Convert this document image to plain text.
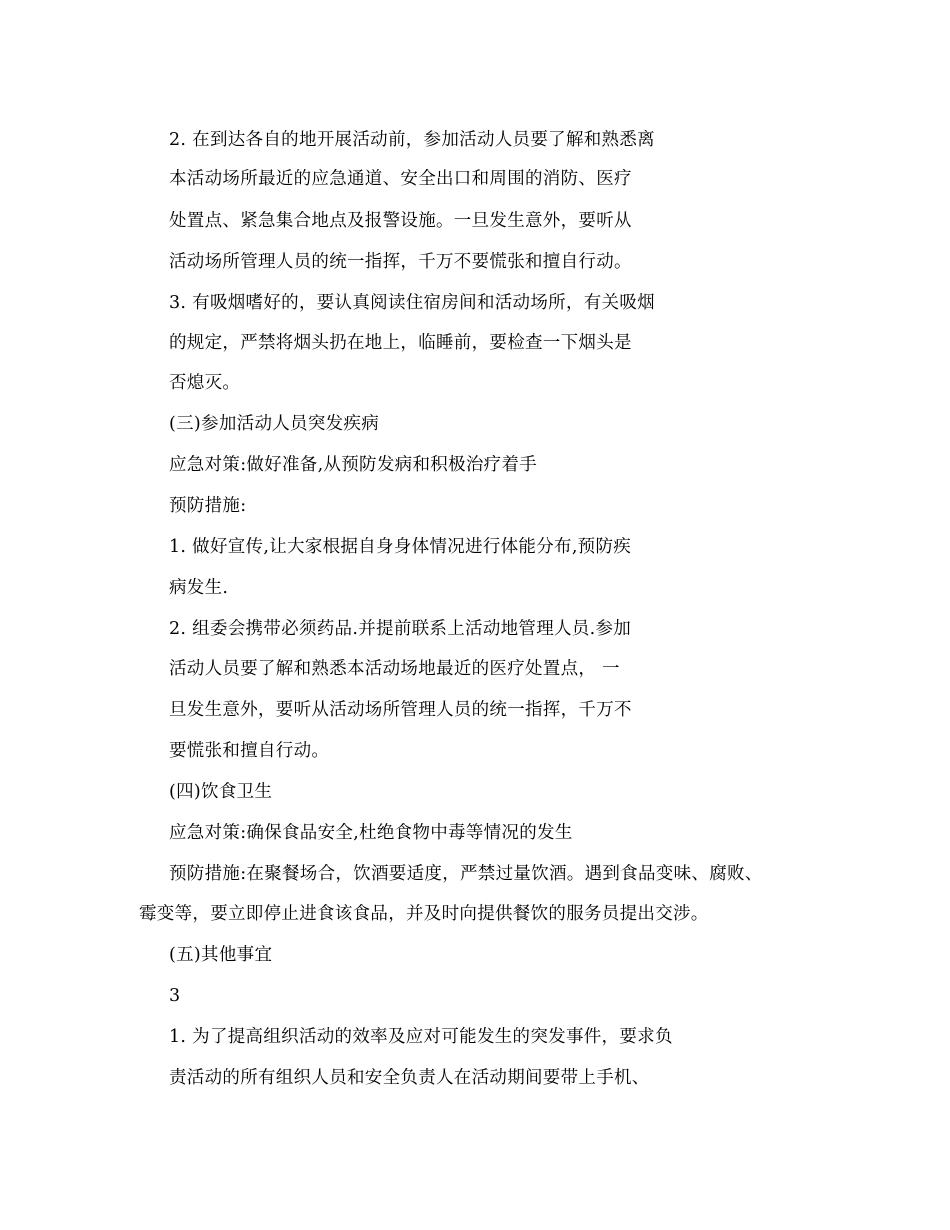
2. 在到达各自的地开展活动前，参加活动人员要了解和熟悉离
本活动场所最近的应急通道、安全出口和周围的消防、医疗
处置点、紧急集合地点及报警设施。一旦发生意外，要听从
活动场所管理人员的统一指挥，千万不要慌张和擅自行动。
3. 有吸烟嗜好的，要认真阅读住宿房间和活动场所，有关吸烟
的规定，严禁将烟头扔在地上，临睡前，要检查一下烟头是
否熄灭。
(三)参加活动人员突发疾病
应急对策:做好准备,从预防发病和积极治疗着手
预防措施:
1. 做好宣传,让大家根据自身身体情况进行体能分布,预防疾
病发生.
2. 组委会携带必须药品.并提前联系上活动地管理人员.参加
活动人员要了解和熟悉本活动场地最近的医疗处置点， 一
旦发生意外，要听从活动场所管理人员的统一指挥，千万不
要慌张和擅自行动。
(四)饮食卫生
应急对策:确保食品安全,杜绝食物中毒等情况的发生
预防措施:在聚餐场合，饮酒要适度，严禁过量饮酒。遇到食品变味、腐败、
霉变等，要立即停止进食该食品，并及时向提供餐饮的服务员提出交涉。
(五)其他事宜
3
1. 为了提高组织活动的效率及应对可能发生的突发事件，要求负
责活动的所有组织人员和安全负责人在活动期间要带上手机、
